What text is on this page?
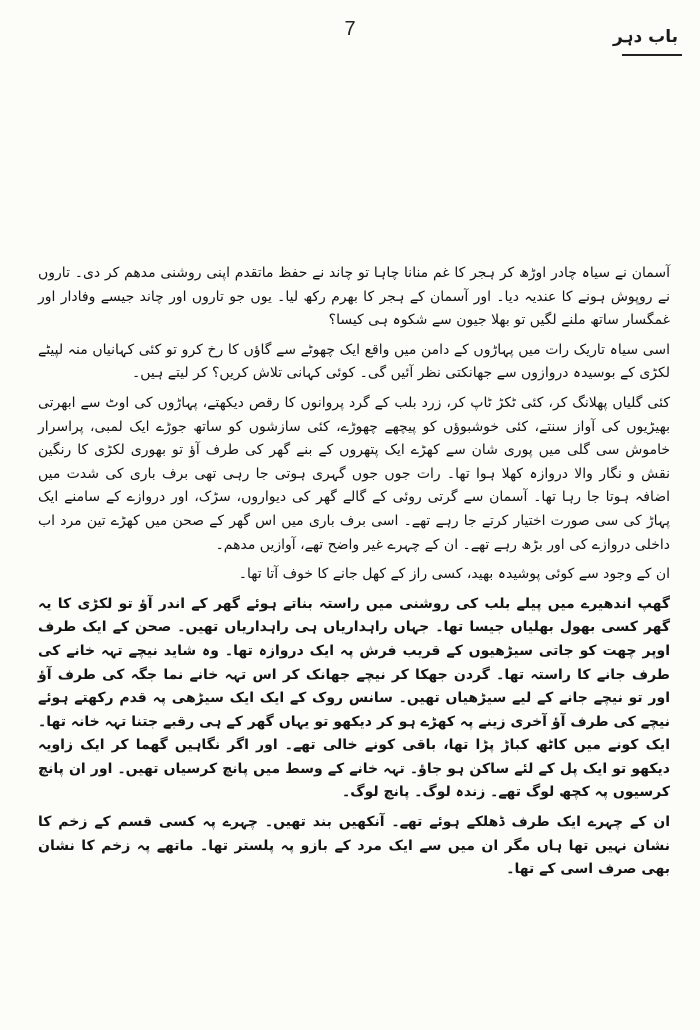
7	باب دہر

آسمان نے سیاہ چادر اوڑھ کر ہجر کا غم منانا چاہا تو چاند نے حفظ ماتقدم اپنی روشنی مدھم کر دی۔ تاروں نے روپوش ہونے کا عندیہ دیا۔ اور آسمان کے ہجر کا بھرم رکھ لیا۔ یوں جو تاروں اور چاند جیسے وفادار اور غمگسار ساتھ ملنے لگیں تو بھلا جیون سے شکوہ ہی کیسا؟

اسی سیاہ تاریک رات میں پہاڑوں کے دامن میں واقع ایک چھوٹے سے گاؤں کا رخ کرو تو کئی کہانیاں منہ لپیٹے لکڑی کے بوسیدہ دروازوں سے جھانکتی نظر آئیں گی۔ کوئی کہانی تلاش کریں؟ کر لیتے ہیں۔

کئی گلیاں پھلانگ کر، کئی ٹکڑ ٹاپ کر، زرد بلب کے گرد پروانوں کا رقص دیکھتے، پہاڑوں کی اوٹ سے ابھرتی بھیڑیوں کی آواز سنتے، کئی خوشبوؤں کو پیچھے چھوڑے، کئی سازشوں کو ساتھ جوڑے ایک لمبی، پراسرار خاموش سی گلی میں پوری شان سے کھڑے ایک پتھروں کے بنے گھر کی طرف آؤ تو بھوری لکڑی کا رنگین نقش و نگار والا دروازہ کھلا ہوا تھا۔ رات جوں جوں گہری ہوتی جا رہی تھی برف باری کی شدت میں اضافہ ہوتا جا رہا تھا۔ آسمان سے گرتی روئی کے گالے گھر کی دیواروں، سڑک، اور دروازے کے سامنے ایک پہاڑ کی سی صورت اختیار کرتے جا رہے تھے۔ اسی برف باری میں اس گھر کے صحن میں کھڑے تین مرد اب داخلی دروازے کی اور بڑھ رہے تھے۔ ان کے چہرے غیر واضح تھے، آوازیں مدھم۔

ان کے وجود سے کوئی پوشیدہ بھید، کسی راز کے کھل جانے کا خوف آتا تھا۔

گھپ اندھیرے میں پیلے بلب کی روشنی میں راستہ بناتے ہوئے گھر کے اندر آؤ تو لکڑی کا یہ گھر کسی بھول بھلیاں جیسا تھا۔ جہاں راہداریاں ہی راہداریاں تھیں۔ صحن کے ایک طرف اوپر چھت کو جاتی سیڑھیوں کے قریب فرش پہ ایک دروازہ تھا۔ وہ شاید نیچے تہہ خانے کی طرف جانے کا راستہ تھا۔ گردن جھکا کر نیچے جھانک کر اس تہہ خانے نما جگہ کی طرف آؤ اور تو نیچے جانے کے لیے سیڑھیاں تھیں۔ سانس روک کے ایک ایک سیڑھی پہ قدم رکھتے ہوئے نیچے کی طرف آؤ آخری زینے پہ کھڑے ہو کر دیکھو تو یہاں گھر کے ہی رقبے جتنا تہہ خانہ تھا۔ ایک کونے میں کاٹھ کباڑ پڑا تھا، باقی کونے خالی تھے۔ اور اگر نگاہیں گھما کر ایک زاویہ دیکھو تو ایک پل کے لئے ساکن ہو جاؤ۔ تہہ خانے کے وسط میں پانچ کرسیاں تھیں۔ اور ان پانچ کرسیوں پہ کچھ لوگ تھے۔ زندہ لوگ۔ پانچ لوگ۔

ان کے چہرے ایک طرف ڈھلکے ہوئے تھے۔ آنکھیں بند تھیں۔ چہرے پہ کسی قسم کے زخم کا نشان نہیں تھا ہاں مگر ان میں سے ایک مرد کے بازو پہ پلستر تھا۔ ماتھے پہ زخم کا نشان بھی صرف اسی کے تھا۔
